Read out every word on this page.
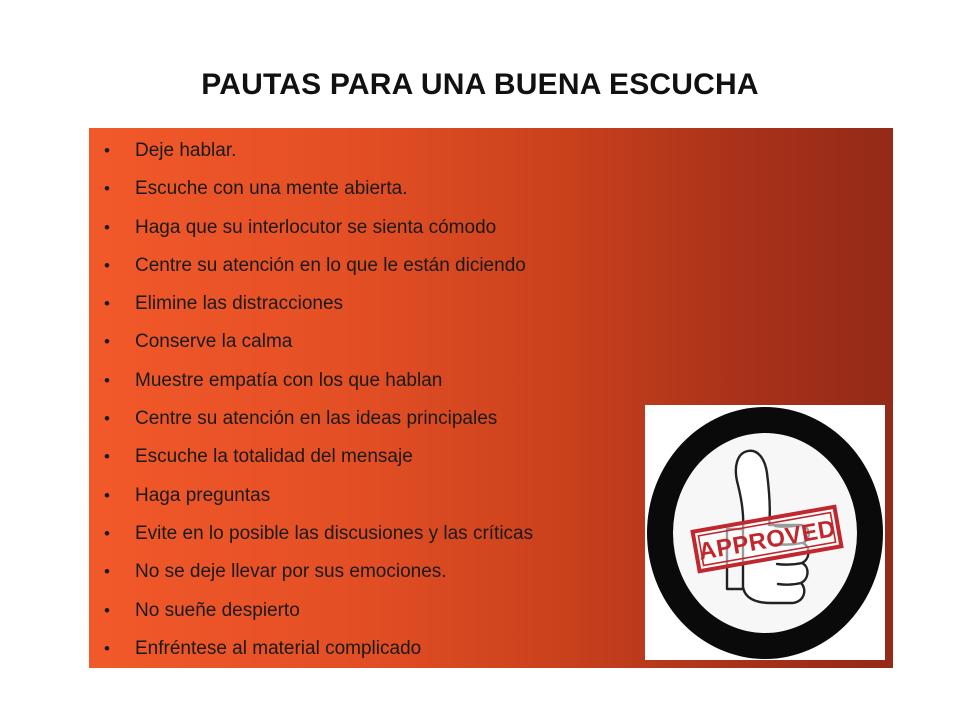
PAUTAS PARA UNA BUENA ESCUCHA
• Deje hablar.
• Escuche con una mente abierta.
• Haga que su interlocutor se sienta cómodo
• Centre su atención en lo que le están diciendo
• Elimine las distracciones
• Conserve la calma
• Muestre empatía con los que hablan
• Centre su atención en las ideas principales
• Escuche la totalidad del mensaje
• Haga preguntas
• Evite en lo posible las discusiones y las críticas
• No se deje llevar por sus emociones.
• No sueñe despierto
• Enfréntese al material complicado
APPROVED
